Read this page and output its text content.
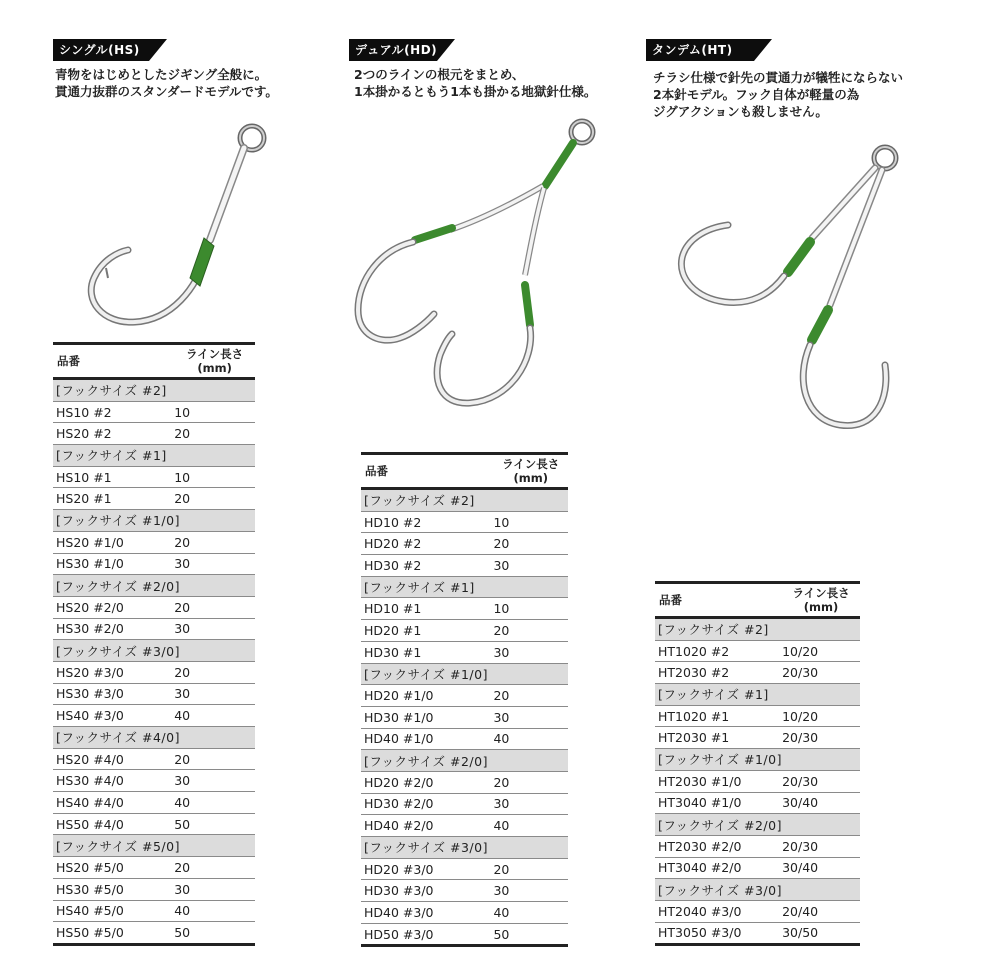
シングル(HS)
青物をはじめとしたジギング全般に。
貫通力抜群のスタンダードモデルです。
品番	ライン長さ
(mm)

[フックサイズ #2]	
HS10 #2	10
HS20 #2	20
[フックサイズ #1]	
HS10 #1	10
HS20 #1	20
[フックサイズ #1/0]	
HS20 #1/0	20
HS30 #1/0	30
[フックサイズ #2/0]	
HS20 #2/0	20
HS30 #2/0	30
[フックサイズ #3/0]	
HS20 #3/0	20
HS30 #3/0	30
HS40 #3/0	40
[フックサイズ #4/0]	
HS20 #4/0	20
HS30 #4/0	30
HS40 #4/0	40
HS50 #4/0	50
[フックサイズ #5/0]	
HS20 #5/0	20
HS30 #5/0	30
HS40 #5/0	40
HS50 #5/0	50
デュアル(HD)
2つのラインの根元をまとめ、
1本掛かるともう1本も掛かる地獄針仕様。
品番	ライン長さ
(mm)

[フックサイズ #2]	
HD10 #2	10
HD20 #2	20
HD30 #2	30
[フックサイズ #1]	
HD10 #1	10
HD20 #1	20
HD30 #1	30
[フックサイズ #1/0]	
HD20 #1/0	20
HD30 #1/0	30
HD40 #1/0	40
[フックサイズ #2/0]	
HD20 #2/0	20
HD30 #2/0	30
HD40 #2/0	40
[フックサイズ #3/0]	
HD20 #3/0	20
HD30 #3/0	30
HD40 #3/0	40
HD50 #3/0	50
タンデム(HT)
チラシ仕様で針先の貫通力が犠牲にならない
2本針モデル。フック自体が軽量の為
ジグアクションも殺しません。
品番	ライン長さ
(mm)

[フックサイズ #2]	
HT1020 #2	10/20
HT2030 #2	20/30
[フックサイズ #1]	
HT1020 #1	10/20
HT2030 #1	20/30
[フックサイズ #1/0]	
HT2030 #1/0	20/30
HT3040 #1/0	30/40
[フックサイズ #2/0]	
HT2030 #2/0	20/30
HT3040 #2/0	30/40
[フックサイズ #3/0]	
HT2040 #3/0	20/40
HT3050 #3/0	30/50
